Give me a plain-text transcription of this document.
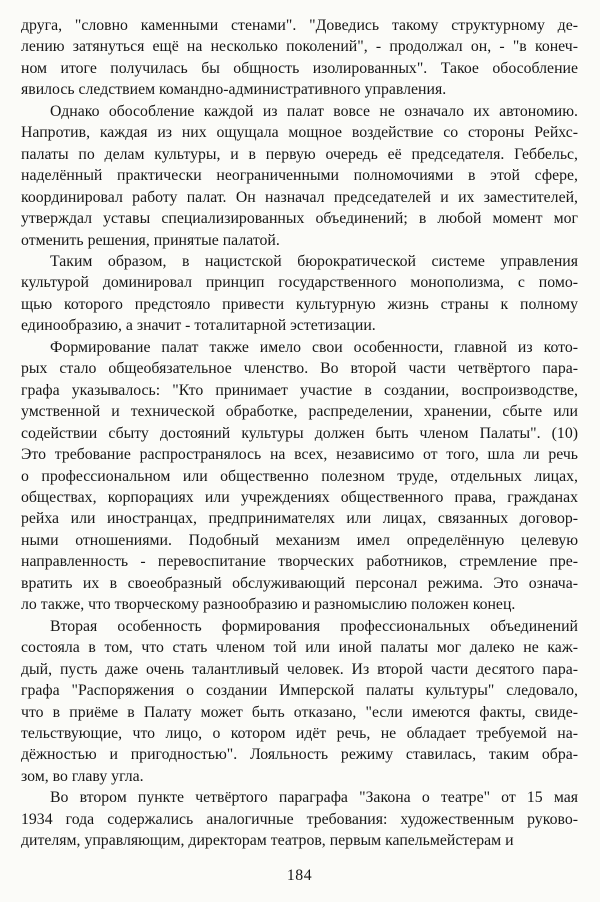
друга, "словно каменными стенами". "Доведись такому структурному де-
лению затянуться ещё на несколько поколений", - продолжал он, - "в конеч-
ном итоге получилась бы общность изолированных". Такое обособление
явилось следствием командно-административного управления.

Однако обособление каждой из палат вовсе не означало их автономию.
Напротив, каждая из них ощущала мощное воздействие со стороны Рейхс-
палаты по делам культуры, и в первую очередь её председателя. Геббельс,
наделённый практически неограниченными полномочиями в этой сфере,
координировал работу палат. Он назначал председателей и их заместителей,
утверждал уставы специализированных объединений; в любой момент мог
отменить решения, принятые палатой.

Таким образом, в нацистской бюрократической системе управления
культурой доминировал принцип государственного монополизма, с помо-
щью которого предстояло привести культурную жизнь страны к полному
единообразию, а значит - тоталитарной эстетизации.

Формирование палат также имело свои особенности, главной из кото-
рых стало общеобязательное членство. Во второй части четвёртого пара-
графа указывалось: "Кто принимает участие в создании, воспроизводстве,
умственной и технической обработке, распределении, хранении, сбыте или
содействии сбыту достояний культуры должен быть членом Палаты". (10)
Это требование распространялось на всех, независимо от того, шла ли речь
о профессиональном или общественно полезном труде, отдельных лицах,
обществах, корпорациях или учреждениях общественного права, гражданах
рейха или иностранцах, предпринимателях или лицах, связанных договор-
ными отношениями. Подобный механизм имел определённую целевую
направленность - перевоспитание творческих работников, стремление пре-
вратить их в своеобразный обслуживающий персонал режима. Это означа-
ло также, что творческому разнообразию и разномыслию положен конец.

Вторая особенность формирования профессиональных объединений
состояла в том, что стать членом той или иной палаты мог далеко не каж-
дый, пусть даже очень талантливый человек. Из второй части десятого пара-
графа "Распоряжения о создании Имперской палаты культуры" следовало,
что в приёме в Палату может быть отказано, "если имеются факты, свиде-
тельствующие, что лицо, о котором идёт речь, не обладает требуемой на-
дёжностью и пригодностью". Лояльность режиму ставилась, таким обра-
зом, во главу угла.

Во втором пункте четвёртого параграфа "Закона о театре" от 15 мая
1934 года содержались аналогичные требования: художественным руково-
дителям, управляющим, директорам театров, первым капельмейстерам и

184
